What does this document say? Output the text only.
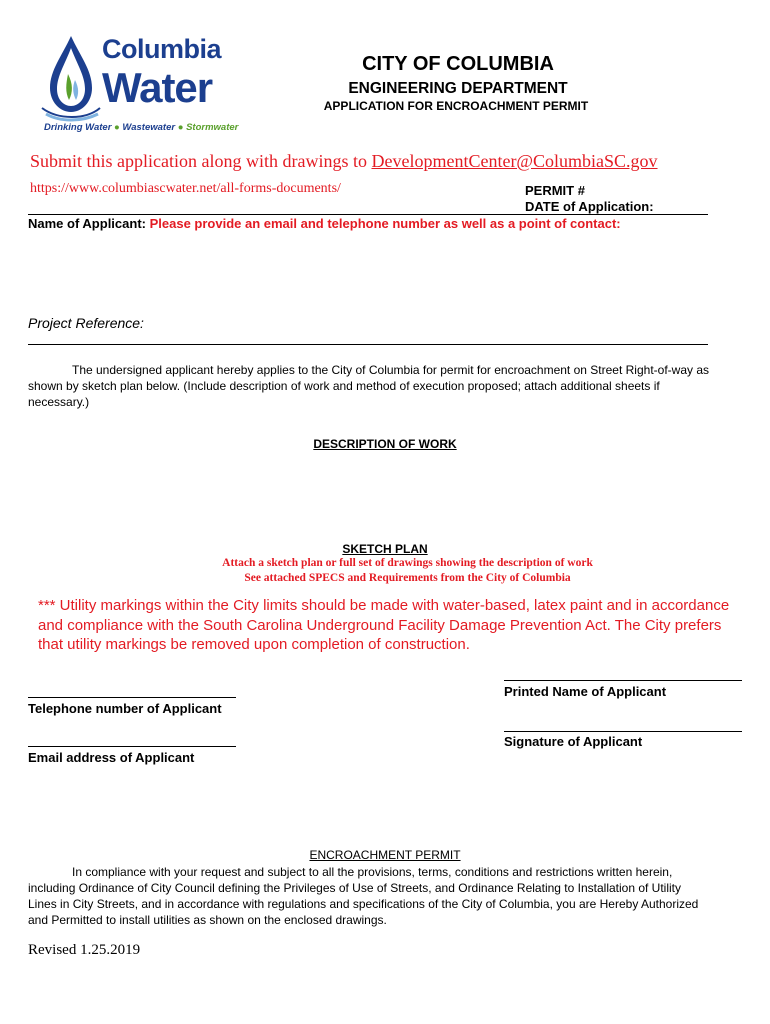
Columbia
Water
Drinking Water ● Wastewater ● Stormwater
CITY OF COLUMBIA
ENGINEERING DEPARTMENT
APPLICATION FOR ENCROACHMENT PERMIT
Submit this application along with drawings to DevelopmentCenter@ColumbiaSC.gov
https://www.columbiascwater.net/all-forms-documents/	PERMIT #
DATE of Application:
Name of Applicant: Please provide an email and telephone number as well as a point of contact:
Project Reference:
The undersigned applicant hereby applies to the City of Columbia for permit for encroachment on Street Right-of-way as
shown by sketch plan below. (Include description of work and method of execution proposed; attach additional sheets if
necessary.)
DESCRIPTION OF WORK
SKETCH PLAN
Attach a sketch plan or full set of drawings showing the description of work
See attached SPECS and Requirements from the City of Columbia
*** Utility markings within the City limits should be made with water-based, latex paint and in accordance and compliance with the South Carolina Underground Facility Damage Prevention Act. The City prefers that utility markings be removed upon completion of construction.
Printed Name of Applicant
Telephone number of Applicant
Signature of Applicant
Email address of Applicant
ENCROACHMENT PERMIT
In compliance with your request and subject to all the provisions, terms, conditions and restrictions written herein,
including Ordinance of City Council defining the Privileges of Use of Streets, and Ordinance Relating to Installation of Utility
Lines in City Streets, and in accordance with regulations and specifications of the City of Columbia, you are Hereby Authorized
and Permitted to install utilities as shown on the enclosed drawings.
Revised 1.25.2019
